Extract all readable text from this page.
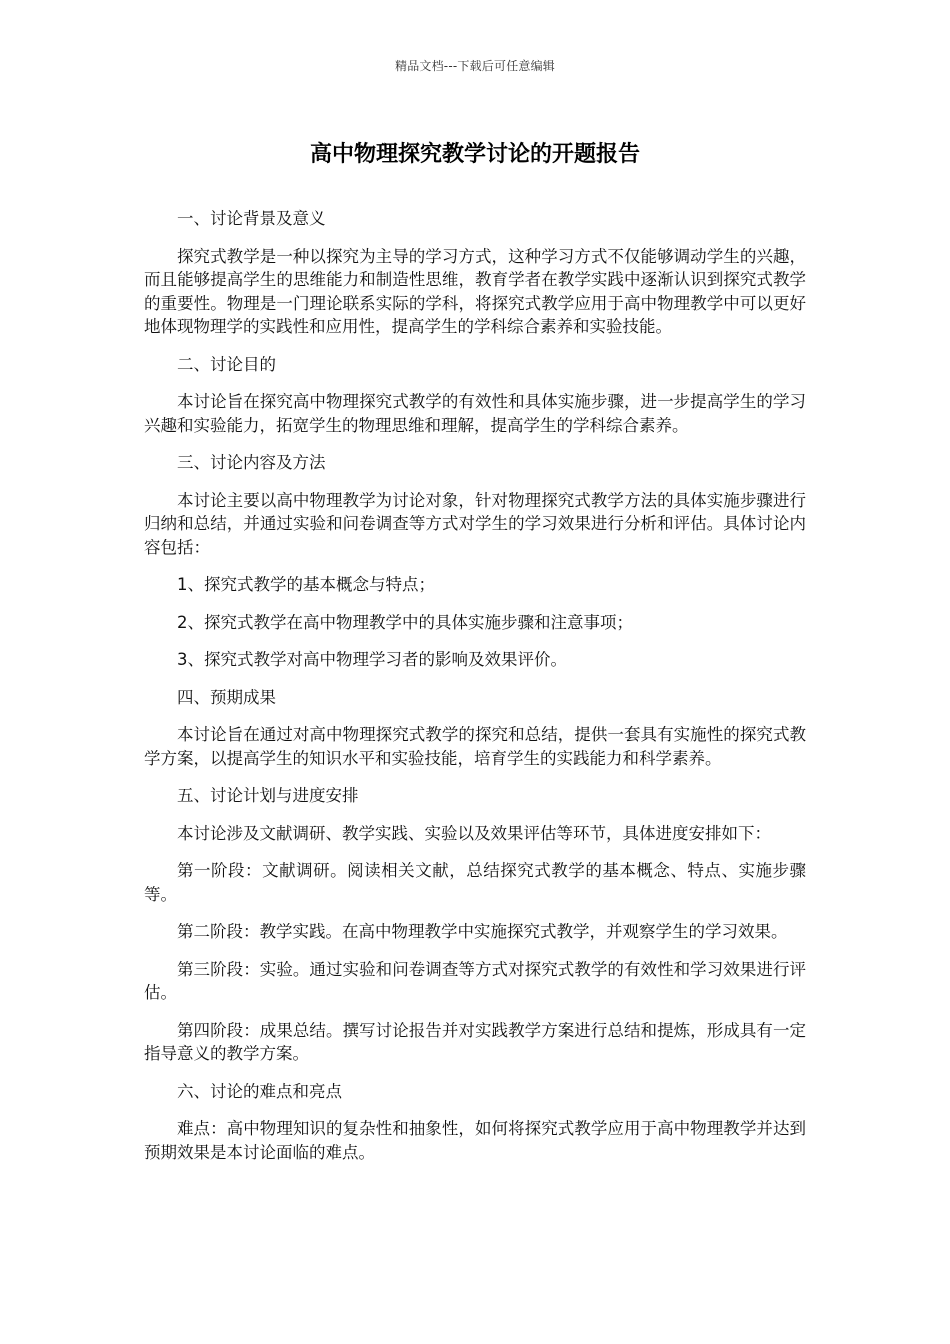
精品文档---下载后可任意编辑
高中物理探究教学讨论的开题报告

一、讨论背景及意义

探究式教学是一种以探究为主导的学习方式，这种学习方式不仅能够调动学生的兴趣，而且能够提高学生的思维能力和制造性思维，教育学者在教学实践中逐渐认识到探究式教学的重要性。物理是一门理论联系实际的学科，将探究式教学应用于高中物理教学中可以更好地体现物理学的实践性和应用性，提高学生的学科综合素养和实验技能。

二、讨论目的

本讨论旨在探究高中物理探究式教学的有效性和具体实施步骤，进一步提高学生的学习兴趣和实验能力，拓宽学生的物理思维和理解，提高学生的学科综合素养。

三、讨论内容及方法

本讨论主要以高中物理教学为讨论对象，针对物理探究式教学方法的具体实施步骤进行归纳和总结，并通过实验和问卷调查等方式对学生的学习效果进行分析和评估。具体讨论内容包括：

1、探究式教学的基本概念与特点；

2、探究式教学在高中物理教学中的具体实施步骤和注意事项；

3、探究式教学对高中物理学习者的影响及效果评价。

四、预期成果

本讨论旨在通过对高中物理探究式教学的探究和总结，提供一套具有实施性的探究式教学方案，以提高学生的知识水平和实验技能，培育学生的实践能力和科学素养。

五、讨论计划与进度安排

本讨论涉及文献调研、教学实践、实验以及效果评估等环节，具体进度安排如下：

第一阶段：文献调研。阅读相关文献，总结探究式教学的基本概念、特点、实施步骤等。

第二阶段：教学实践。在高中物理教学中实施探究式教学，并观察学生的学习效果。

第三阶段：实验。通过实验和问卷调查等方式对探究式教学的有效性和学习效果进行评估。

第四阶段：成果总结。撰写讨论报告并对实践教学方案进行总结和提炼，形成具有一定指导意义的教学方案。

六、讨论的难点和亮点

难点：高中物理知识的复杂性和抽象性，如何将探究式教学应用于高中物理教学并达到预期效果是本讨论面临的难点。
